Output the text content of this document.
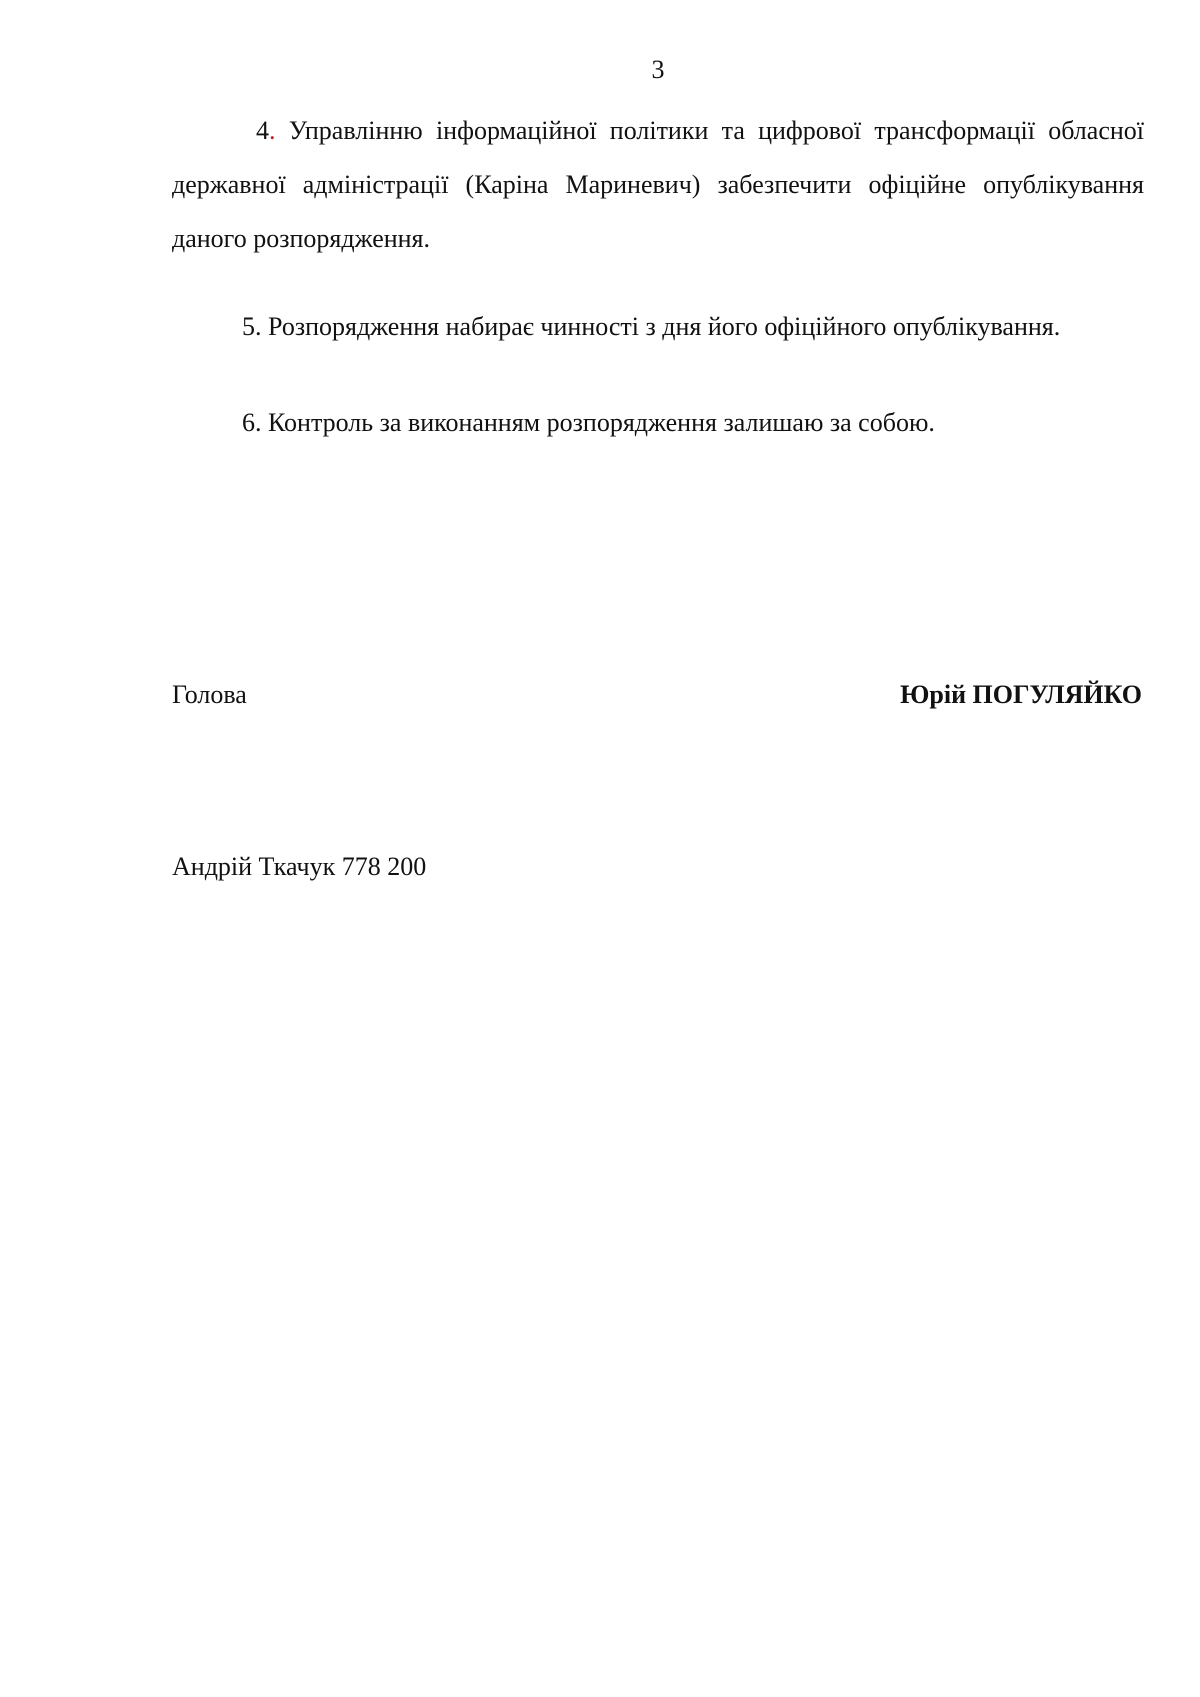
3

4. Управлінню інформаційної політики та цифрової трансформації обласної державної адміністрації (Каріна Мариневич) забезпечити офіційне опублікування даного розпорядження.

5. Розпорядження набирає чинності з дня його офіційного опублікування.

6. Контроль за виконанням розпорядження залишаю за собою.

Голова	Юрій ПОГУЛЯЙКО
Андрій Ткачук 778 200
